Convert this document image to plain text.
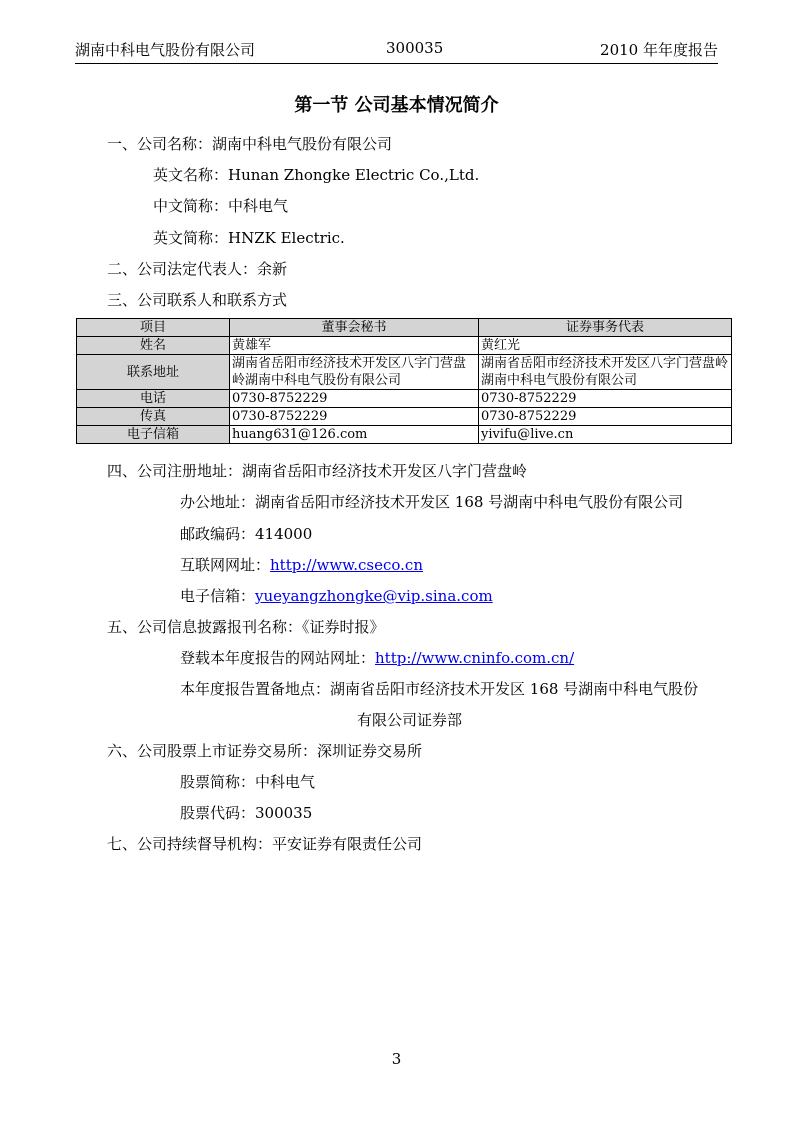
湖南中科电气股份有限公司	300035	2010 年年度报告
第一节 公司基本情况简介
一、公司名称：湖南中科电气股份有限公司
英文名称：Hunan Zhongke Electric Co.,Ltd.
中文简称：中科电气
英文简称：HNZK Electric.
二、公司法定代表人：余新
三、公司联系人和联系方式
项目	董事会秘书	证券事务代表
姓名	黄雄军	黄红光
联系地址	湖南省岳阳市经济技术开发区八字门营盘岭湖南中科电气股份有限公司	湖南省岳阳市经济技术开发区八字门营盘岭湖南中科电气股份有限公司
电话	0730-8752229	0730-8752229
传真	0730-8752229	0730-8752229
电子信箱	huang631@126.com	yivifu@live.cn
四、公司注册地址：湖南省岳阳市经济技术开发区八字门营盘岭
办公地址：湖南省岳阳市经济技术开发区 168 号湖南中科电气股份有限公司
邮政编码：414000
互联网网址：http://www.cseco.cn
电子信箱：yueyangzhongke@vip.sina.com
五、公司信息披露报刊名称：《证券时报》
登载本年度报告的网站网址：http://www.cninfo.com.cn/
本年度报告置备地点：湖南省岳阳市经济技术开发区 168 号湖南中科电气股份
有限公司证券部
六、公司股票上市证券交易所：深圳证券交易所
股票简称：中科电气
股票代码：300035
七、公司持续督导机构：平安证券有限责任公司
3
